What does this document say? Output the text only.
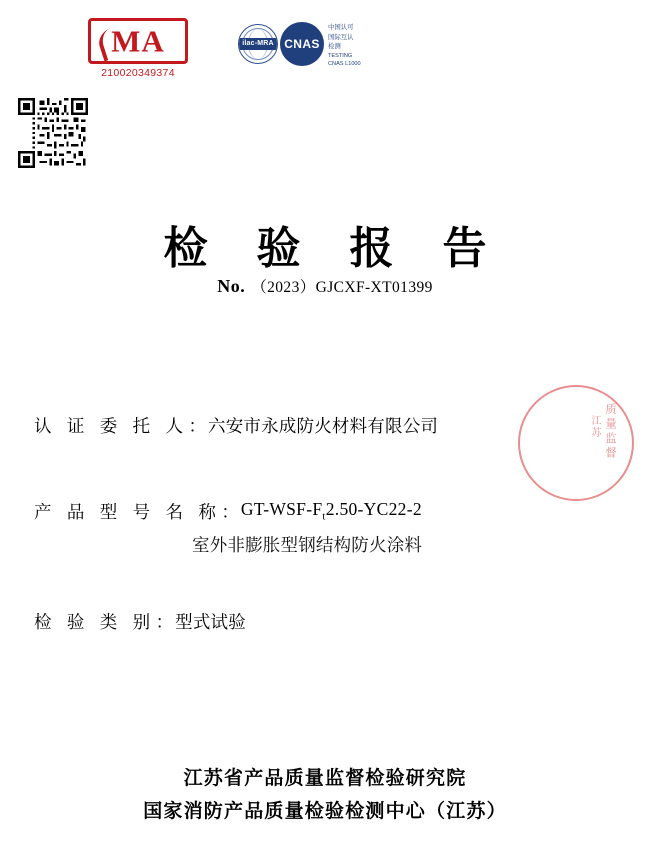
MA
210020349374
ilac-MRA CNAS
中国认可
国际互认
检测
TESTING
CNAS L1000
检 验 报 告
No. （2023）GJCXF-XT01399
认 证 委 托 人 ： 六安市永成防火材料有限公司
产 品 型 号 名 称 ： $GT-WSF-F_t2.50-YC22-2$
室外非膨胀型钢结构防火涂料
检 验 类 别 ： 型式试验
质量监督
江苏
江苏省产品质量监督检验研究院
国家消防产品质量检验检测中心（江苏）
